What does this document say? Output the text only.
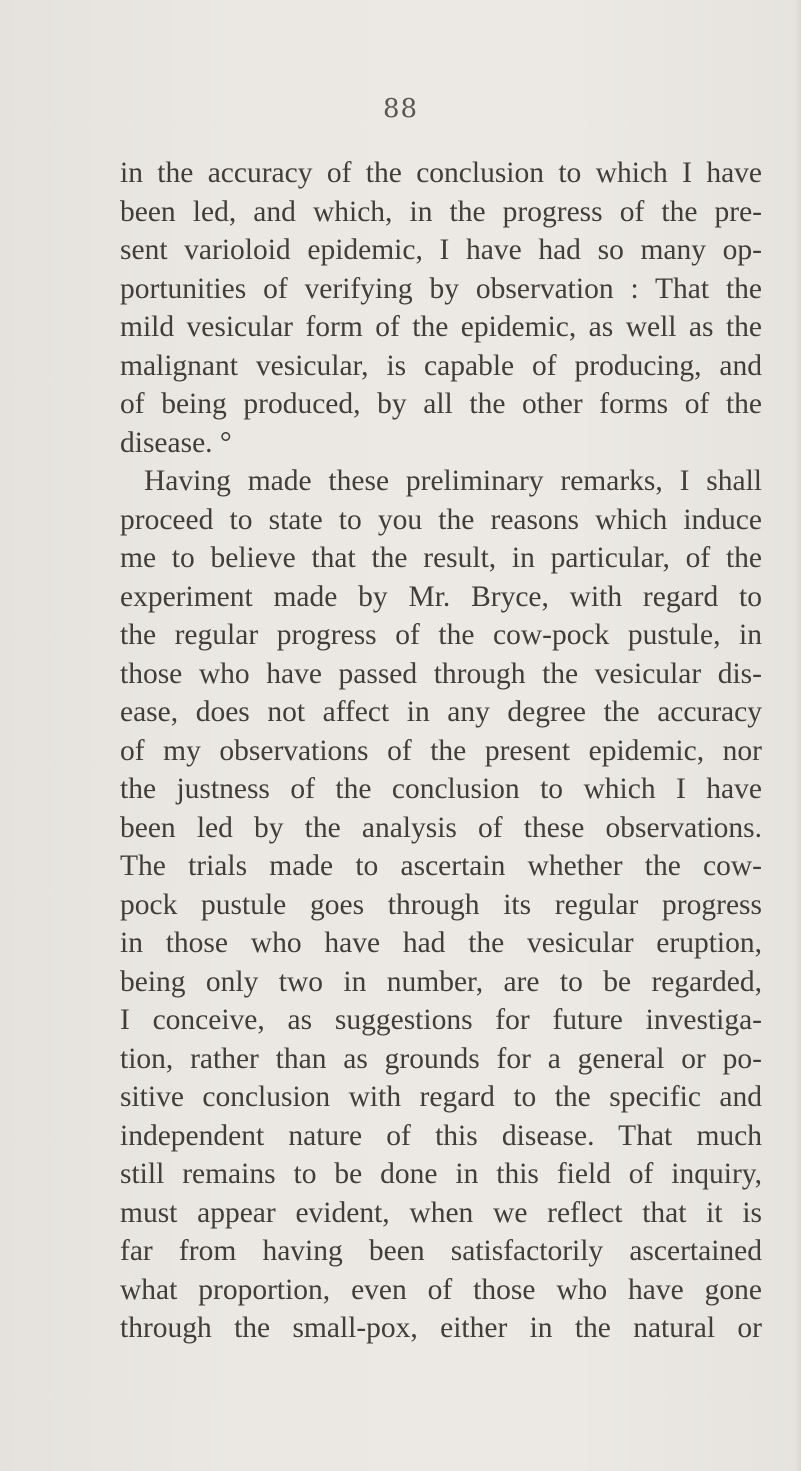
88
in the accuracy of the conclusion to which I have
been led, and which, in the progress of the pre-
sent varioloid epidemic, I have had so many op-
portunities of verifying by observation : That the
mild vesicular form of the epidemic, as well as the
malignant vesicular, is capable of producing, and
of being produced, by all the other forms of the
disease. °
Having made these preliminary remarks, I shall
proceed to state to you the reasons which induce
me to believe that the result, in particular, of the
experiment made by Mr. Bryce, with regard to
the regular progress of the cow-pock pustule, in
those who have passed through the vesicular dis-
ease, does not affect in any degree the accuracy
of my observations of the present epidemic, nor
the justness of the conclusion to which I have
been led by the analysis of these observations.
The trials made to ascertain whether the cow-
pock pustule goes through its regular progress
in those who have had the vesicular eruption,
being only two in number, are to be regarded,
I conceive, as suggestions for future investiga-
tion, rather than as grounds for a general or po-
sitive conclusion with regard to the specific and
independent nature of this disease. That much
still remains to be done in this field of inquiry,
must appear evident, when we reflect that it is
far from having been satisfactorily ascertained
what proportion, even of those who have gone
through the small-pox, either in the natural or
